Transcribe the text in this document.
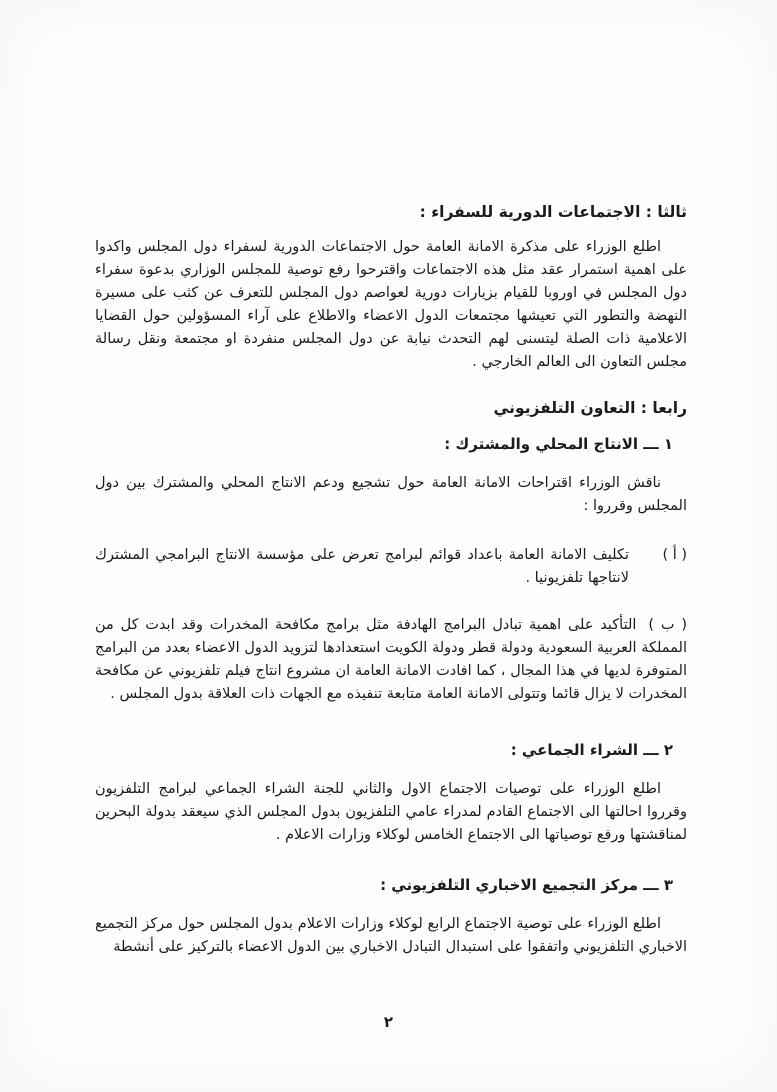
ثالثا : الاجتماعات الدورية للسفراء :

اطلع الوزراء على مذكرة الامانة العامة حول الاجتماعات الدورية لسفراء دول المجلس واكدوا على اهمية استمرار عقد مثل هذه الاجتماعات واقترحوا رفع توصية للمجلس الوزاري بدعوة سفراء دول المجلس في اوروبا للقيام بزيارات دورية لعواصم دول المجلس للتعرف عن كثب على مسيرة النهضة والتطور التي تعيشها مجتمعات الدول الاعضاء والاطلاع على آراء المسؤولين حول القضايا الاعلامية ذات الصلة ليتسنى لهم التحدث نيابة عن دول المجلس منفردة او مجتمعة ونقل رسالة مجلس التعاون الى العالم الخارجي .

رابعا : التعاون التلفزيوني
١ ـــ الانتاج المحلي والمشترك :

ناقش الوزراء اقتراحات الامانة العامة حول تشجيع ودعم الانتاج المحلي والمشترك بين دول المجلس وقرروا :

( أ )

تكليف الامانة العامة باعداد قوائم لبرامج تعرض على مؤسسة الانتاج البرامجي المشترك لانتاجها تلفزيونيا .

( ب )التأكيد على اهمية تبادل البرامج الهادفة مثل برامج مكافحة المخدرات وقد ابدت كل من المملكة العربية السعودية ودولة قطر ودولة الكويت استعدادها لتزويد الدول الاعضاء بعدد من البرامج المتوفرة لديها في هذا المجال ، كما افادت الامانة العامة ان مشروع انتاج فيلم تلفزيوني عن مكافحة المخدرات لا يزال قائما وتتولى الامانة العامة متابعة تنفيذه مع الجهات ذات العلاقة بدول المجلس .

٢ ـــ الشراء الجماعي :

اطلع الوزراء على توصيات الاجتماع الاول والثاني للجنة الشراء الجماعي لبرامج التلفزيون وقرروا احالتها الى الاجتماع القادم لمدراء عامي التلفزيون بدول المجلس الذي سيعقد بدولة البحرين لمناقشتها ورفع توصياتها الى الاجتماع الخامس لوكلاء وزارات الاعلام .

٣ ـــ مركز التجميع الاخباري التلفزيوني :

اطلع الوزراء على توصية الاجتماع الرابع لوكلاء وزارات الاعلام بدول المجلس حول مركز التجميع الاخباري التلفزيوني واتفقوا على استبدال التبادل الاخباري بين الدول الاعضاء بالتركيز على أنشطة

٢
